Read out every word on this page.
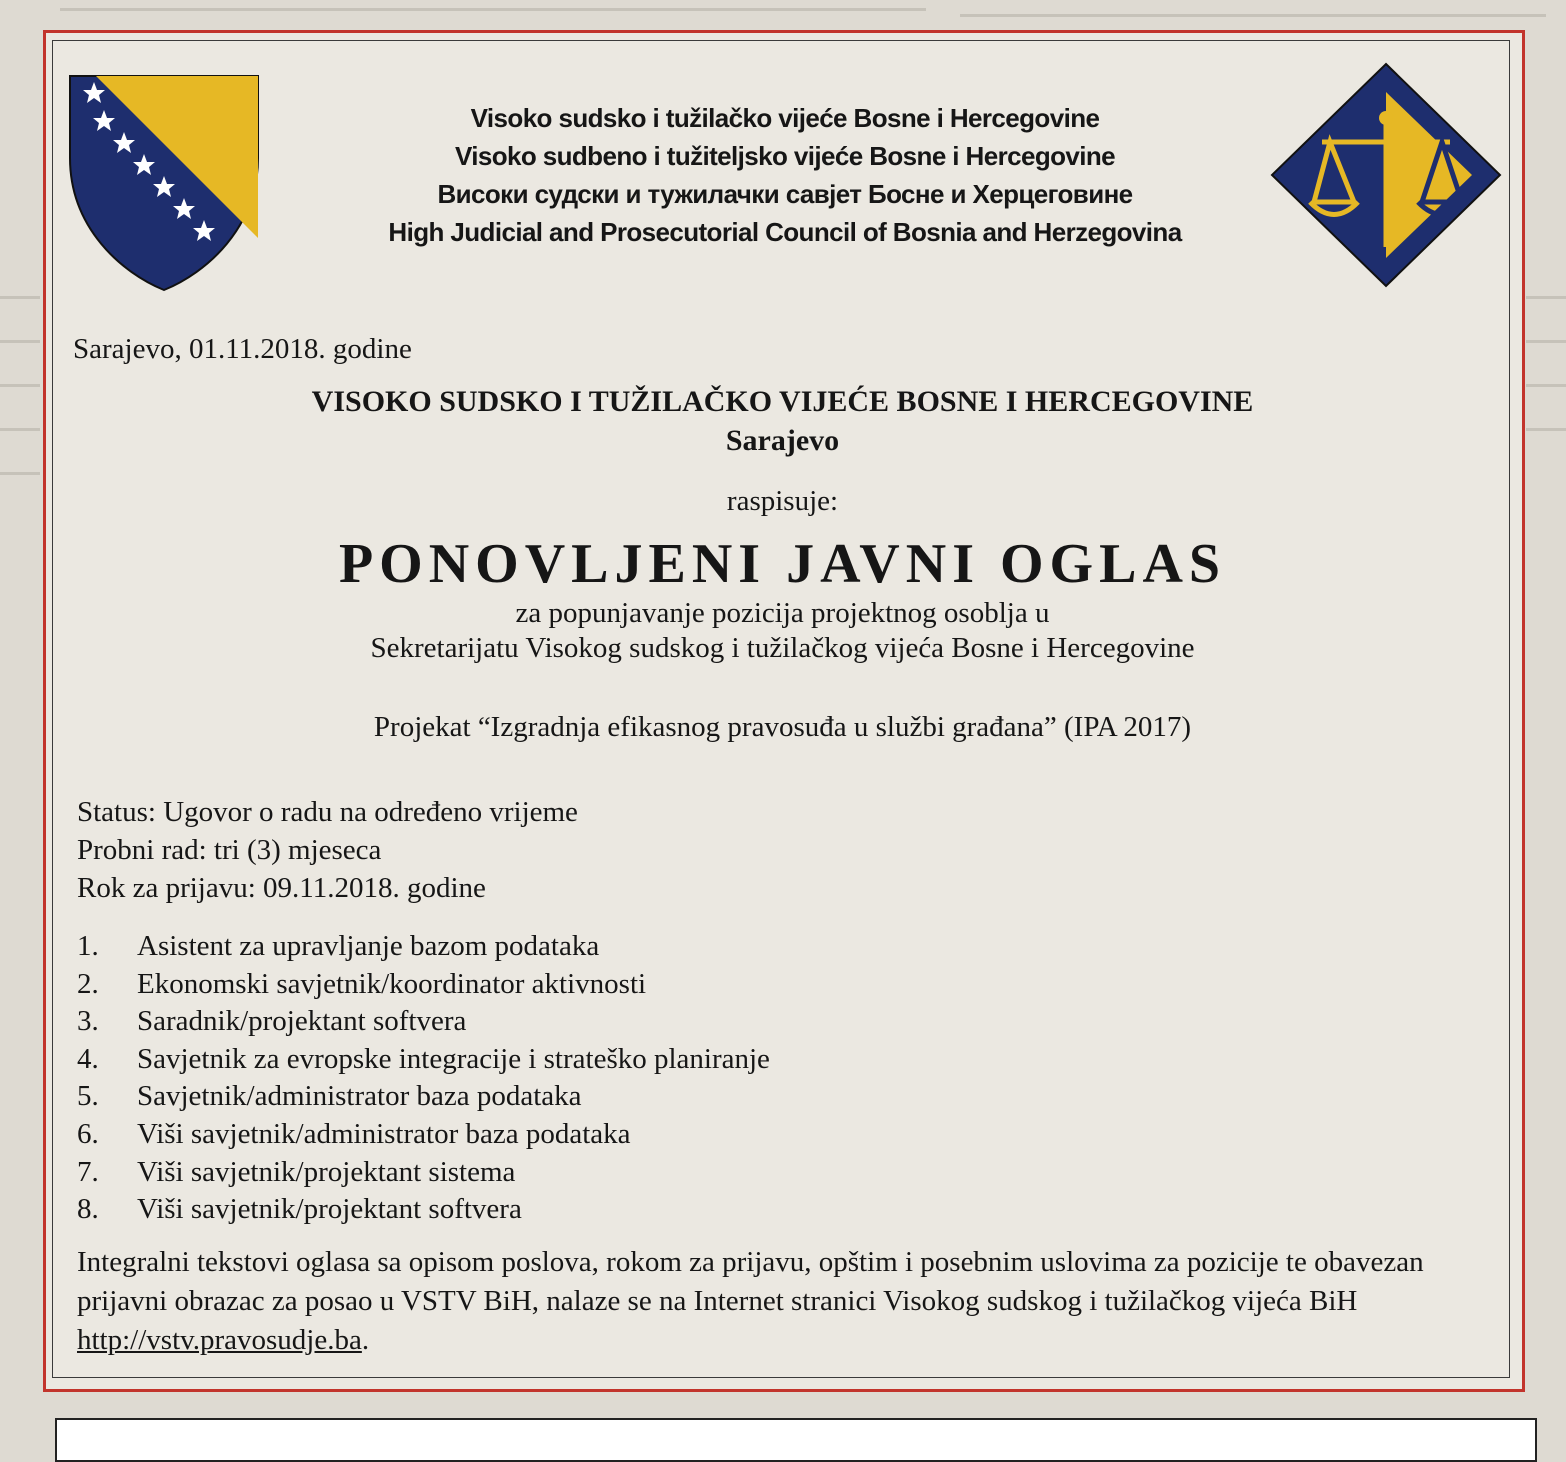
Visoko sudsko i tužilačko vijeće Bosne i Hercegovine
Visoko sudbeno i tužiteljsko vijeće Bosne i Hercegovine
Високи судски и тужилачки савјет Босне и Херцеговине
High Judicial and Prosecutorial Council of Bosnia and Herzegovina
Sarajevo, 01.11.2018. godine
VISOKO SUDSKO I TUŽILAČKO VIJEĆE BOSNE I HERCEGOVINE
Sarajevo
raspisuje:
PONOVLJENI JAVNI OGLAS
za popunjavanje pozicija projektnog osoblja u
Sekretarijatu Visokog sudskog i tužilačkog vijeća Bosne i Hercegovine
Projekat “Izgradnja efikasnog pravosuđa u službi građana” (IPA 2017)
Status: Ugovor o radu na određeno vrijeme
Probni rad: tri (3) mjeseca
Rok za prijavu: 09.11.2018. godine
1. Asistent za upravljanje bazom podataka
2. Ekonomski savjetnik/koordinator aktivnosti
3. Saradnik/projektant softvera
4. Savjetnik za evropske integracije i strateško planiranje
5. Savjetnik/administrator baza podataka
6. Viši savjetnik/administrator baza podataka
7. Viši savjetnik/projektant sistema
8. Viši savjetnik/projektant softvera
Integralni tekstovi oglasa sa opisom poslova, rokom za prijavu, opštim i posebnim uslovima za pozicije te obavezan prijavni obrazac za posao u VSTV BiH, nalaze se na Internet stranici Visokog sudskog i tužilačkog vijeća BiH http://vstv.pravosudje.ba.
